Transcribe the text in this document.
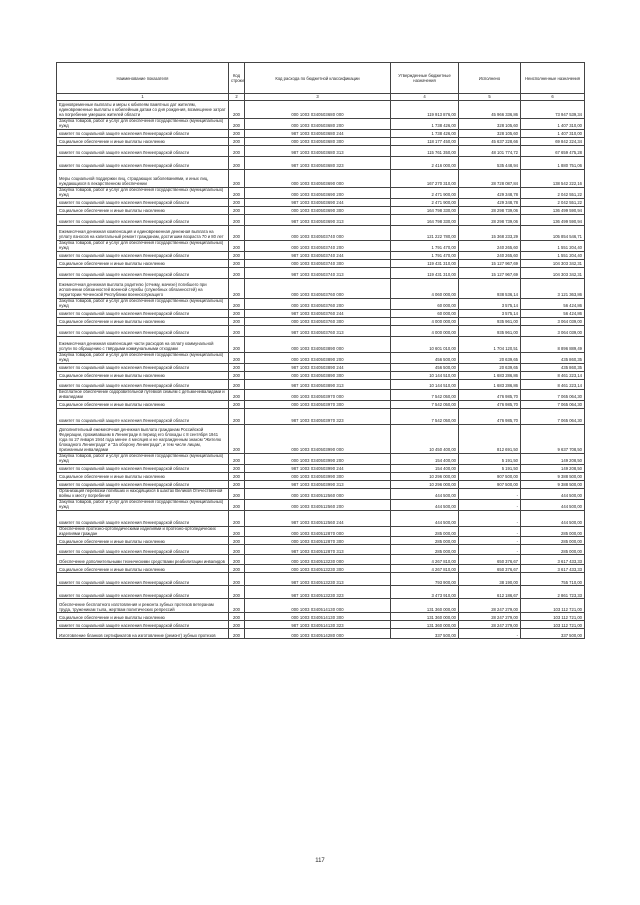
Наименование показателя	Код строки	Код расхода по бюджетной классификации	Утвержденные бюджетные назначения	Исполнено	Неисполненные назначения
1	2	3	4	5	6
Единовременные выплаты и меры к юбилеям памятных дат жителям, единовременные выплаты к юбилейным датам со дня рождения, возмещение затрат на погребение умерших жителей области	200	000 1003 0340503680 000	119 913 876,00	45 966 336,86	73 947 539,34
Закупка товаров, работ и услуг для обеспечения государственных (муниципальных) нужд	200	000 1003 0340503680 200	1 738 426,00	328 105,60	1 407 310,00
комитет по социальной защите населения Ленинградской области	200	987 1003 0340503680 244	1 738 426,00	328 105,60	1 407 310,00
Социальное обеспечение и иные выплаты населению	200	000 1003 0340503680 300	118 177 450,00	45 637 228,66	69 842 224,34
комитет по социальной защите населения Ленинградской области	200	987 1003 0340503680 313	115 761 350,00	48 101 774,72	67 659 475,28
комитет по социальной защите населения Ленинградской области	200	987 1003 0340503680 323	2 416 000,00	535 448,94	1 880 751,06
Меры социальной поддержки лиц, страдающих заболеваниями, и иных лиц, нуждающихся в лекарственном обеспечении	200	000 1003 0340503690 000	167 270 310,00	28 728 087,84	138 542 222,16
Закупка товаров, работ и услуг для обеспечения государственных (муниципальных) нужд	200	000 1003 0340503690 200	2 471 900,00	429 348,78	2 042 551,22
комитет по социальной защите населения Ленинградской области	200	987 1003 0340503690 244	2 471 900,00	429 348,78	2 042 551,22
Социальное обеспечение и иные выплаты населению	200	000 1003 0340503690 300	164 798 330,00	28 298 739,06	136 499 590,94
комитет по социальной защите населения Ленинградской области	200	987 1003 0340503690 313	164 798 330,00	28 298 739,06	136 499 590,94
Ежемесячная денежная компенсация и единовременная денежная выплата на уплату взносов на капитальный ремонт гражданам, достигшим возраста 70 и 80 лет	200	000 1003 0340503740 000	121 222 780,00	15 368 233,29	105 854 546,71
Закупка товаров, работ и услуг для обеспечения государственных (муниципальных) нужд	200	000 1003 0340503740 200	1 791 470,00	240 265,60	1 551 204,40
комитет по социальной защите населения Ленинградской области	200	987 1003 0340503740 244	1 791 470,00	240 265,60	1 551 204,40
Социальное обеспечение и иные выплаты населению	200	000 1003 0340503740 300	119 431 310,00	15 127 967,69	104 303 342,31
комитет по социальной защите населения Ленинградской области	200	987 1003 0340503740 313	119 431 310,00	15 127 967,69	104 303 342,31
Ежемесячная денежная выплата родителю (отчиму, мачехе) погибшего при исполнении обязанностей военной службы (служебных обязанностей) на территории Чеченской Республики военнослужащего	200	000 1003 0340503760 000	4 060 000,00	938 536,14	3 121 363,86
Закупка товаров, работ и услуг для обеспечения государственных (муниципальных) нужд	200	000 1003 0340503760 200	60 000,00	3 575,14	56 424,86
комитет по социальной защите населения Ленинградской области	200	987 1003 0340503760 244	60 000,00	3 575,14	56 424,86
Социальное обеспечение и иные выплаты населению	200	000 1003 0340503760 300	4 000 000,00	935 961,00	3 064 039,00
комитет по социальной защите населения Ленинградской области	200	987 1003 0340503760 313	4 000 000,00	935 961,00	3 064 039,00
Ежемесячная денежная компенсация части расходов на оплату коммунальной услуги по обращению с твёрдыми коммунальными отходами	200	000 1003 0340503890 000	10 601 010,00	1 704 120,51	8 896 889,49
Закупка товаров, работ и услуг для обеспечения государственных (муниципальных) нужд	200	000 1003 0340503890 200	456 500,00	20 639,65	435 860,35
комитет по социальной защите населения Ленинградской области	200	987 1003 0340503890 244	456 500,00	20 639,65	435 860,35
Социальное обеспечение и иные выплаты населению	200	000 1003 0340503890 300	10 144 510,00	1 683 286,86	8 461 223,14
комитет по социальной защите населения Ленинградской области	200	987 1003 0340503890 313	10 144 510,00	1 683 286,86	8 461 223,14
Бесплатное обеспечение оздоровительной путевкой семьям с детьми-инвалидами и инвалидами	200	000 1003 0340503970 000	7 542 050,00	476 985,70	7 065 064,30
Социальное обеспечение и иные выплаты населению	200	000 1003 0340503970 300	7 542 050,00	476 985,70	7 065 064,30
комитет по социальной защите населения Ленинградской области	200	987 1003 0340503970 323	7 542 050,00	476 985,70	7 065 064,30
Дополнительный ежемесячная денежная выплата гражданам Российской Федерации, проживавшим в Ленинграде в период его блокады с 8 сентября 1941 года по 27 января 1944 года менее 4 месяцев и не награжденным знаком "Жителю блокадного Ленинграда" и "За оборону Ленинграда", и тем числе лицам, признанным инвалидами	200	000 1003 0340503990 000	10 450 400,00	812 691,50	9 637 708,50
Закупка товаров, работ и услуг для обеспечения государственных (муниципальных) нужд	200	000 1003 0340503990 200	154 400,00	5 191,50	149 208,50
комитет по социальной защите населения Ленинградской области	200	987 1003 0340503990 244	154 400,00	5 191,50	149 208,50
Социальное обеспечение и иные выплаты населению	200	000 1003 0340503990 300	10 296 000,00	907 500,00	9 388 500,00
комитет по социальной защите населения Ленинградской области	200	987 1003 0340503990 313	10 296 000,00	907 500,00	9 388 500,00
Организация перевозки погибших и находящихся в шахтах Великой Отечественной войны к месту погребения	200	000 1003 0340512560 000	444 500,00	-	444 500,00
Закупка товаров, работ и услуг для обеспечения государственных (муниципальных) нужд	200	000 1003 0340512560 200	444 500,00	-	444 500,00
комитет по социальной защите населения Ленинградской области	200	987 1003 0340512560 244	444 500,00	-	444 500,00
Обеспечение протезно-ортопедическими изделиями и протезно-ортопедических изделиями граждан	200	000 1003 0340512870 000	285 000,00	-	285 000,00
Социальное обеспечение и иные выплаты населению	200	000 1003 0340512870 300	285 000,00	-	285 000,00
комитет по социальной защите населения Ленинградской области	200	987 1003 0340512870 313	285 000,00	-	285 000,00
Обеспечение дополнительными техническими средствами реабилитации инвалидов	200	000 1003 0340513230 000	4 267 810,00	650 376,67	3 617 433,33
Социальное обеспечение и иные выплаты населению	200	000 1003 0340513230 300	4 267 810,00	650 376,67	3 617 433,33
комитет по социальной защите населения Ленинградской области	200	987 1003 0340513230 313	793 900,00	38 190,00	755 710,00
комитет по социальной защите населения Ленинградской области	200	987 1003 0340513230 323	3 473 910,00	612 186,67	2 861 723,33
Обеспечение бесплатного изготовления и ремонта зубных протезов ветеранам труда, труженикам тыла, жертвам политических репрессий	200	000 1003 0340514130 000	131 360 000,00	28 247 279,00	103 112 721,00
Социальное обеспечение и иные выплаты населению	200	000 1003 0340514130 300	131 360 000,00	28 247 279,00	103 112 721,00
комитет по социальной защите населения Ленинградской области	200	987 1003 0340514130 323	131 360 000,00	28 247 279,00	103 112 721,00
Изготовление бланков сертификатов на изготовление (ремонт) зубных протезов	200	000 1003 0340514280 000	337 500,00	-	337 500,00
117
